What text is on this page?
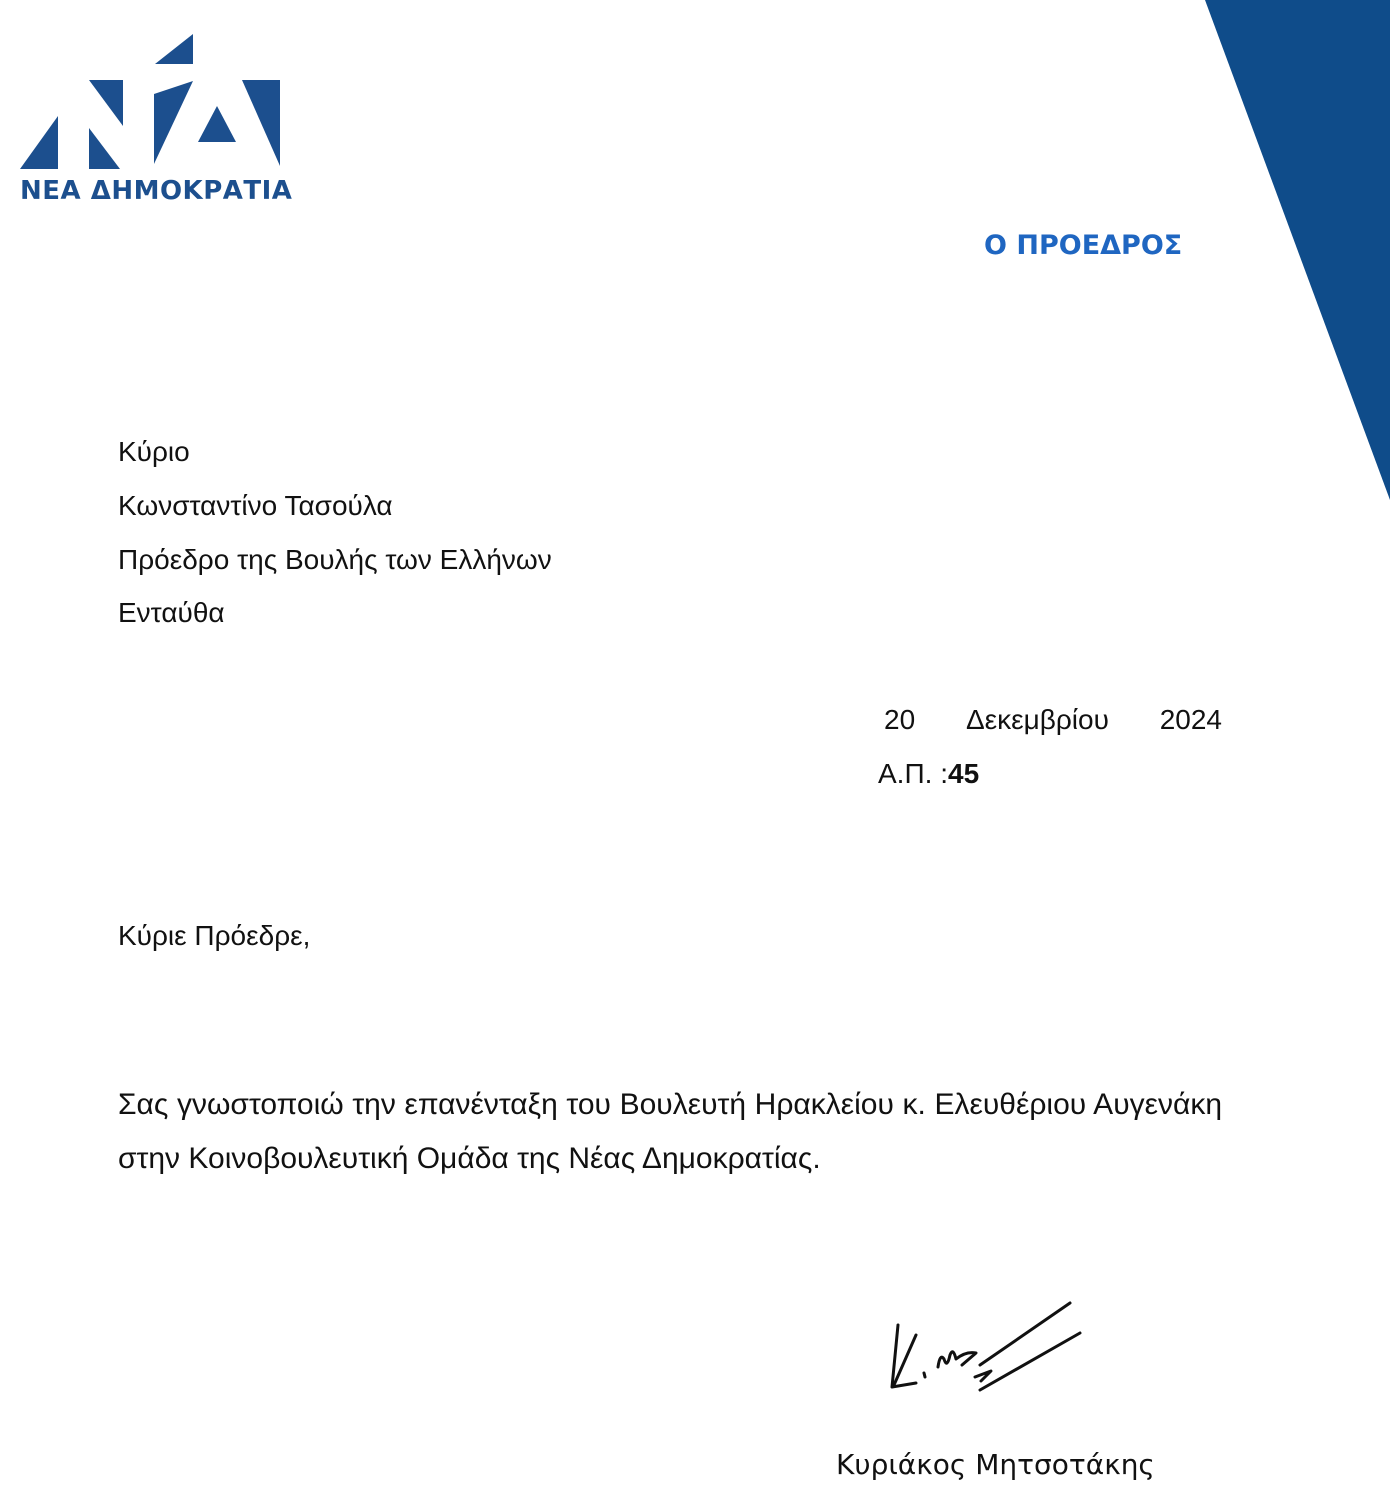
ΝΕΑ ΔΗΜΟΚΡΑΤΙΑ
Ο ΠΡΟΕΔΡΟΣ
Κύριο
Κωνσταντίνο Τασούλα
Πρόεδρο της Βουλής των Ελλήνων
Ενταύθα
20 Δεκεμβρίου 2024
Α.Π. :45
Κύριε Πρόεδρε,
Σας γνωστοποιώ την επανένταξη του Βουλευτή Ηρακλείου κ. Ελευθέριου Αυγενάκη στην Κοινοβουλευτική Ομάδα της Νέας Δημοκρατίας.
Κυριάκος Μητσοτάκης
